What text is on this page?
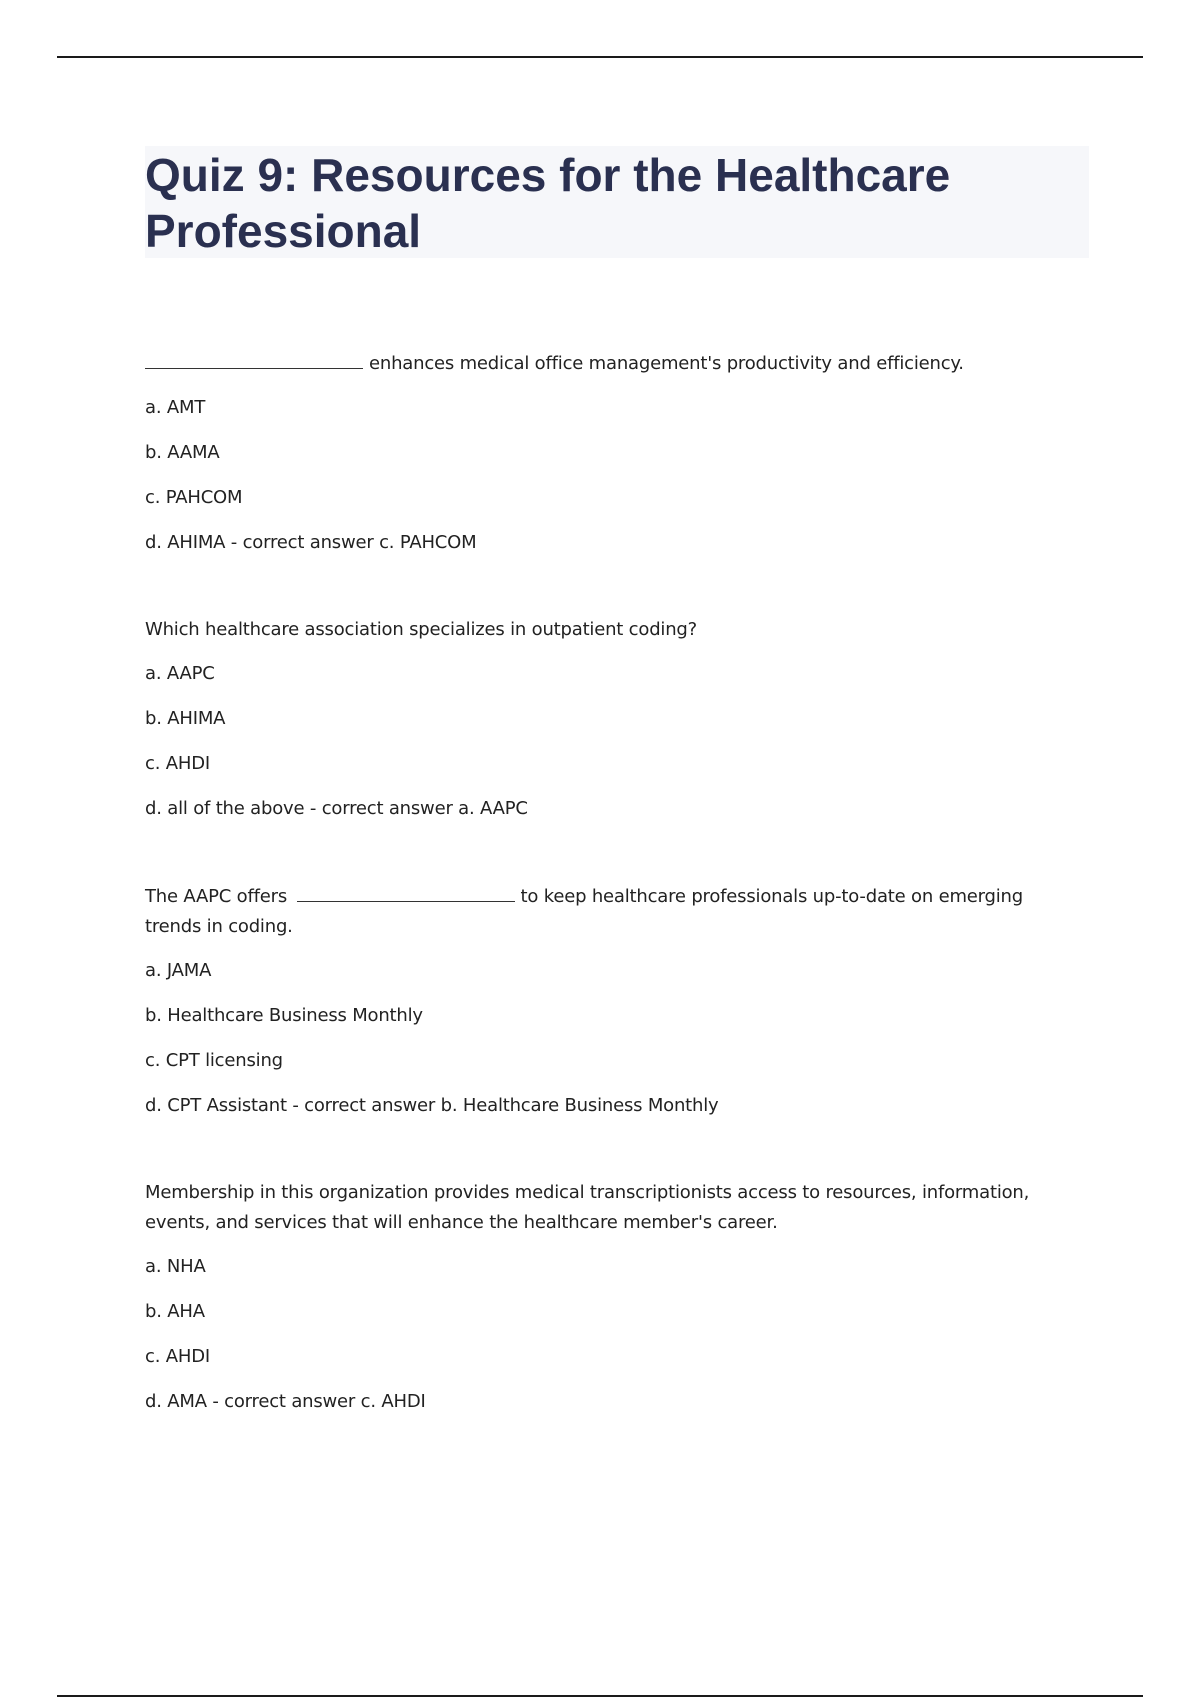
Quiz 9: Resources for the Healthcare Professional

enhances medical office management's productivity and efficiency.

a. AMT
b. AAMA
c. PAHCOM
d. AHIMA - correct answer c. PAHCOM

Which healthcare association specializes in outpatient coding?

a. AAPC
b. AHIMA
c. AHDI
d. all of the above - correct answer a. AAPC

The AAPC offers	to keep healthcare professionals up-to-date on emerging trends in coding.

a. JAMA
b. Healthcare Business Monthly
c. CPT licensing
d. CPT Assistant - correct answer b. Healthcare Business Monthly

Membership in this organization provides medical transcriptionists access to resources, information, events, and services that will enhance the healthcare member's career.

a. NHA
b. AHA
c. AHDI
d. AMA - correct answer c. AHDI
